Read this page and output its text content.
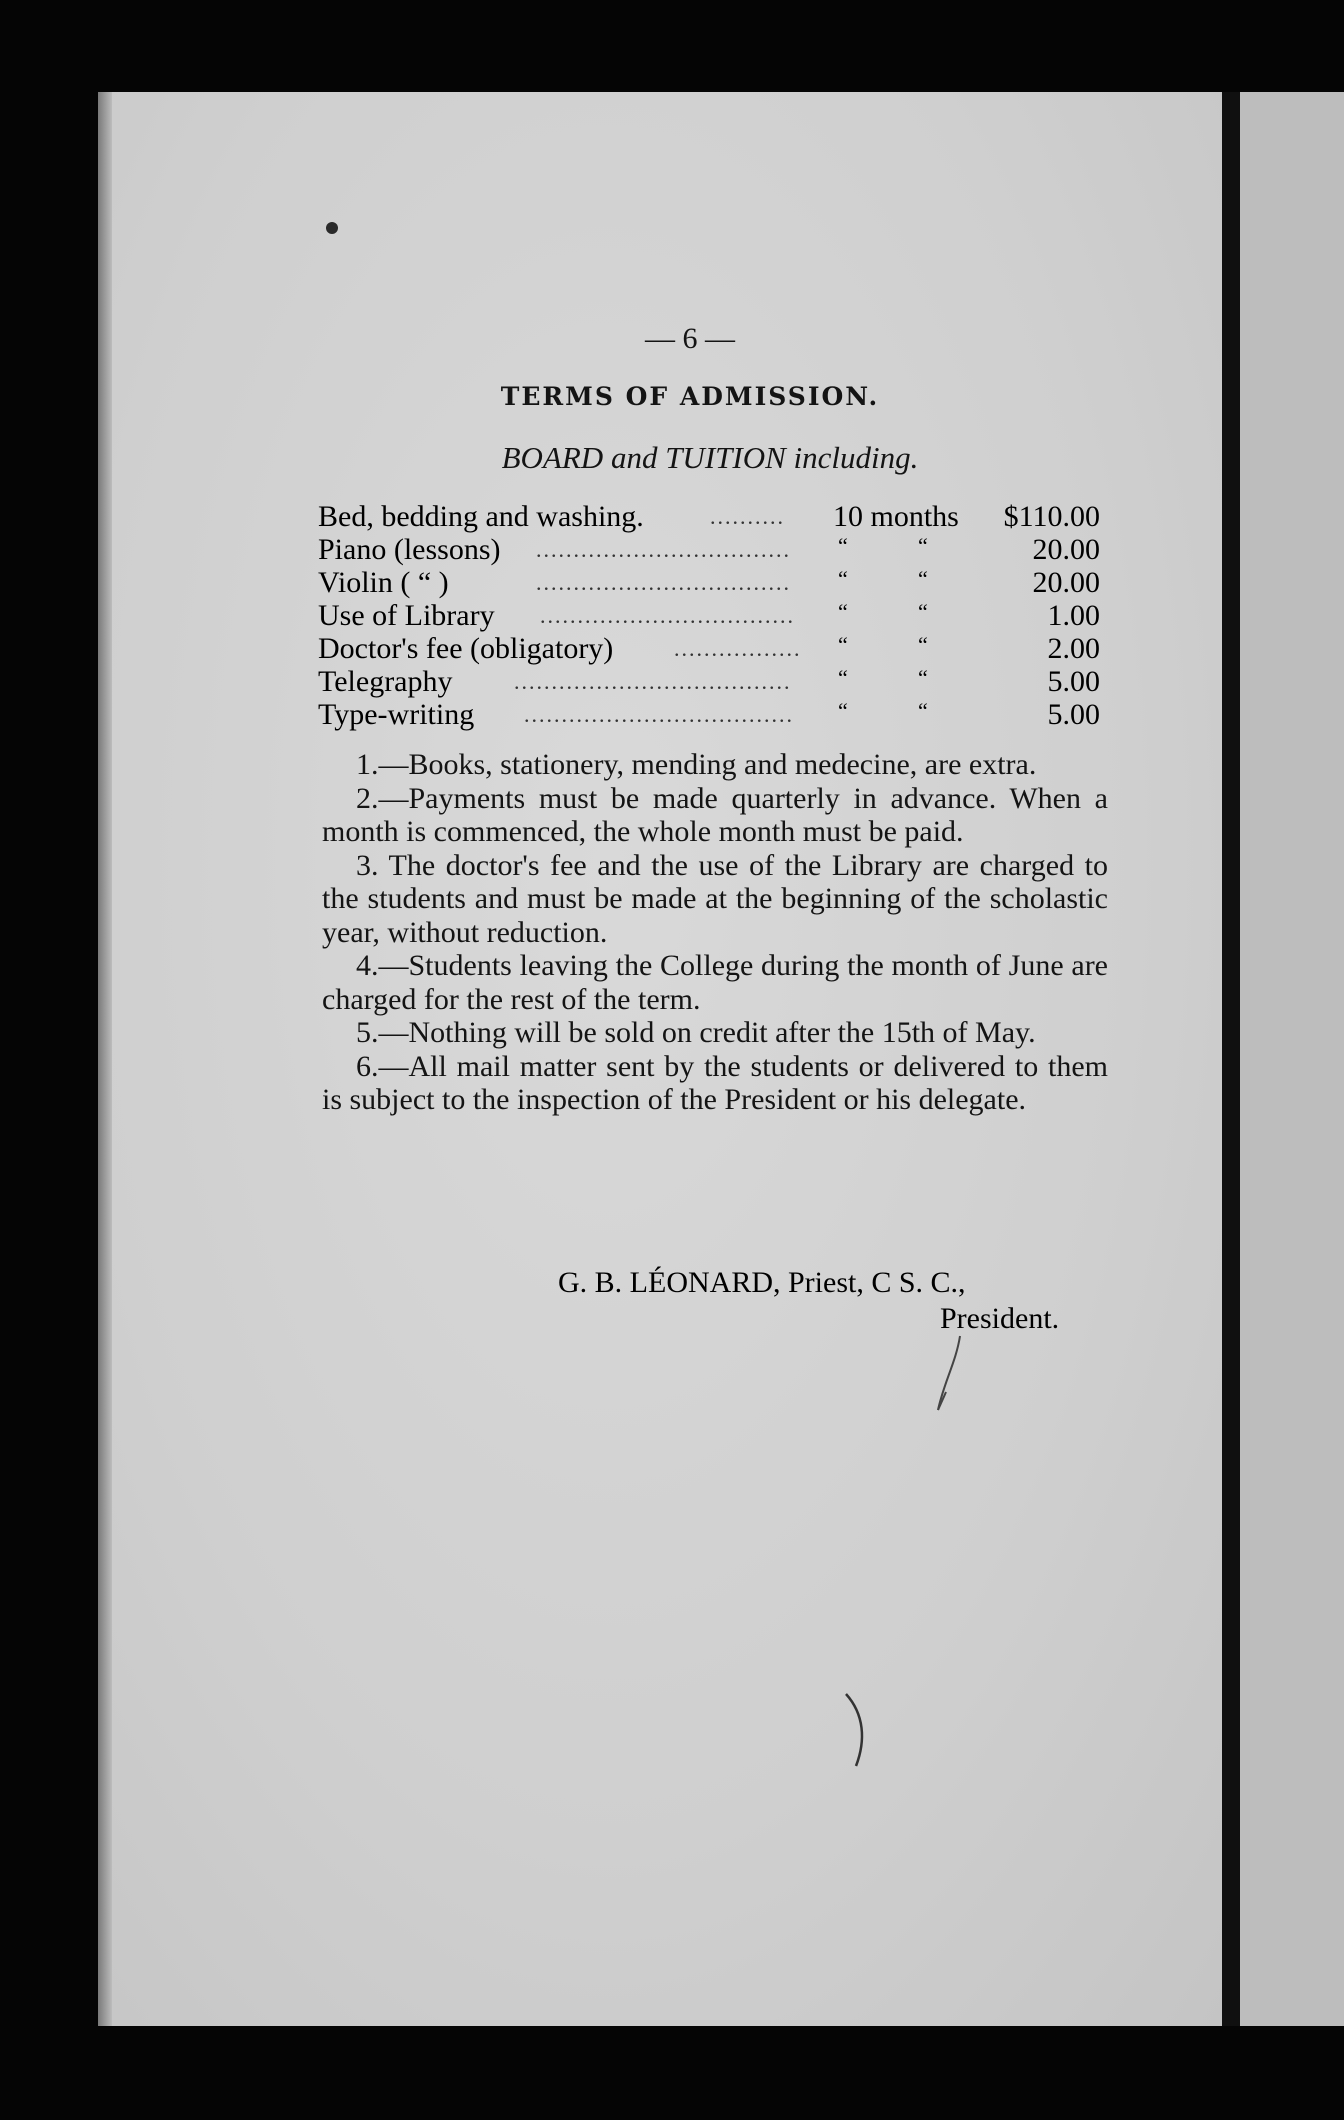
— 6 —
TERMS OF ADMISSION.
BOARD and TUITION including.
Bed, bedding and washing.	..........	10 months $110.00
Piano (lessons) ..................................	“	“	20.00
Violin ( “ )	..................................	“	“	20.00
Use of Library ..................................	“	“	1.00
Doctor's fee (obligatory)	.................	“	“	2.00
Telegraphy	.....................................	“	“	5.00
Type-writing ....................................	“	“	5.00

1.—Books, stationery, mending and medecine, are extra.

2.—Payments must be made quarterly in advance. When a month is commenced, the whole month must be paid.

3. The doctor's fee and the use of the Library are charged to the students and must be made at the beginning of the scholastic year, without reduction.

4.—Students leaving the College during the month of June are charged for the rest of the term.

5.—Nothing will be sold on credit after the 15th of May.

6.—All mail matter sent by the students or delivered to them is subject to the inspection of the President or his delegate.

G. B. LÉONARD, Priest, C S. C.,
President.
